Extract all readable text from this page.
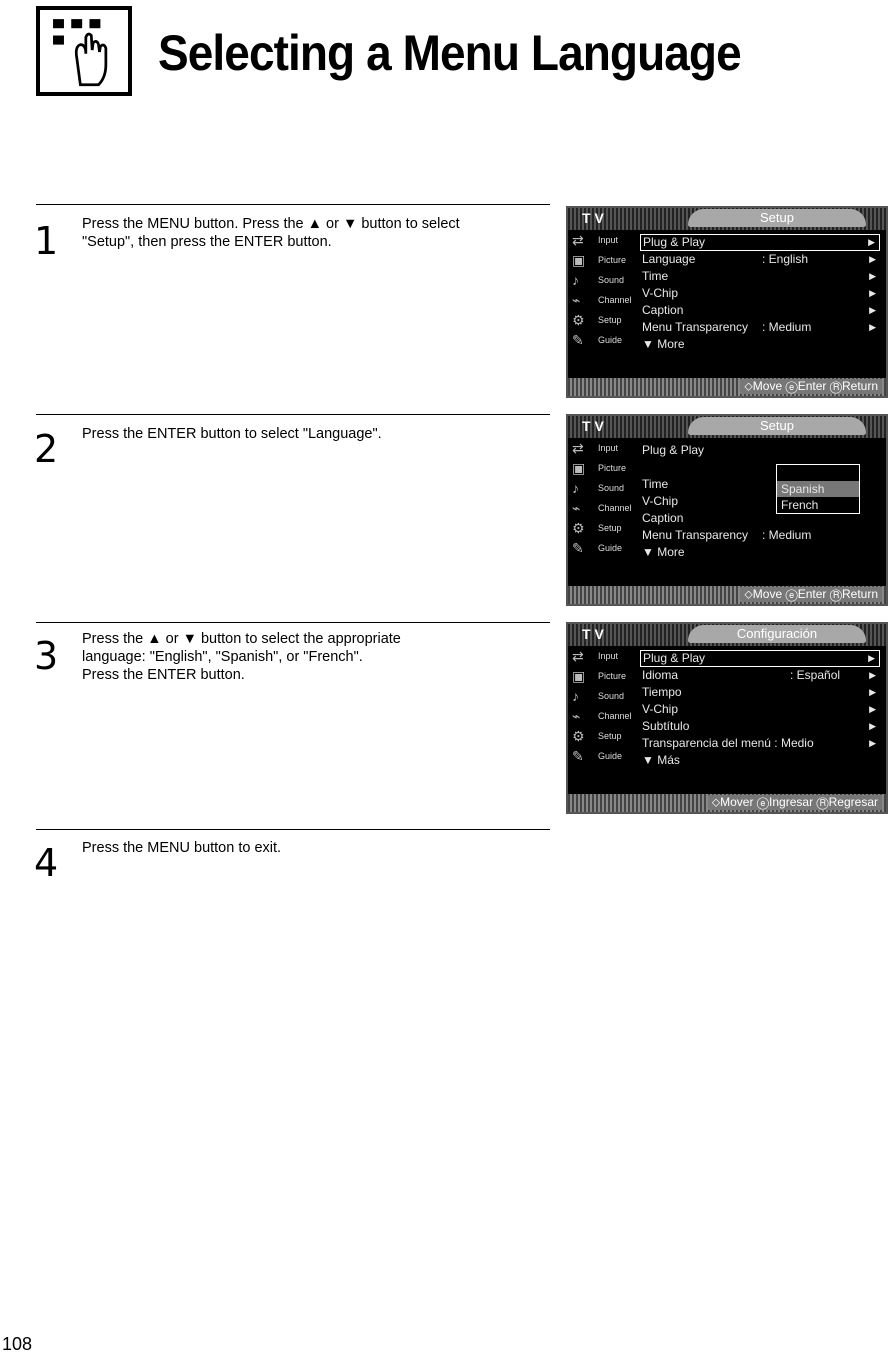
Selecting a Menu Language
1 Press the MENU button. Press the ▲ or ▼ button to select

"Setup", then press the ENTER button.

2 Press the ENTER button to select "Language".

3 Press the ▲ or ▼ button to select the appropriate

language: "English", "Spanish", or "French".

Press the ENTER button.

4 Press the MENU button to exit.

T V	Setup
⇄	Input
▣	Picture
♪	Sound
⌁	Channel
⚙	Setup
✎	Guide
Plug & Play	▶
Language	: English	▶
Time	▶
V-Chip	▶
Caption	▶
Menu Transparency : Medium	▶
▼ More
⬦Move ⓔEnter ⓇReturn
T V	Setup
⇄	Input
▣	Picture
♪	Sound
⌁	Channel
⚙	Setup
✎	Guide
Plug & Play
Time
V-Chip
Caption
Menu Transparency : Medium
▼ More
Spanish
French
⬦Move ⓔEnter ⓇReturn
T V	Configuración
⇄	Input
▣	Picture
♪	Sound
⌁	Channel
⚙	Setup
✎	Guide
Plug & Play	▶
Idioma	: Español	▶
Tiempo	▶
V-Chip	▶
Subtítulo	▶
Transparencia del menú : Medio	▶
▼ Más
⬦Mover ⓔIngresar ⓇRegresar
108
